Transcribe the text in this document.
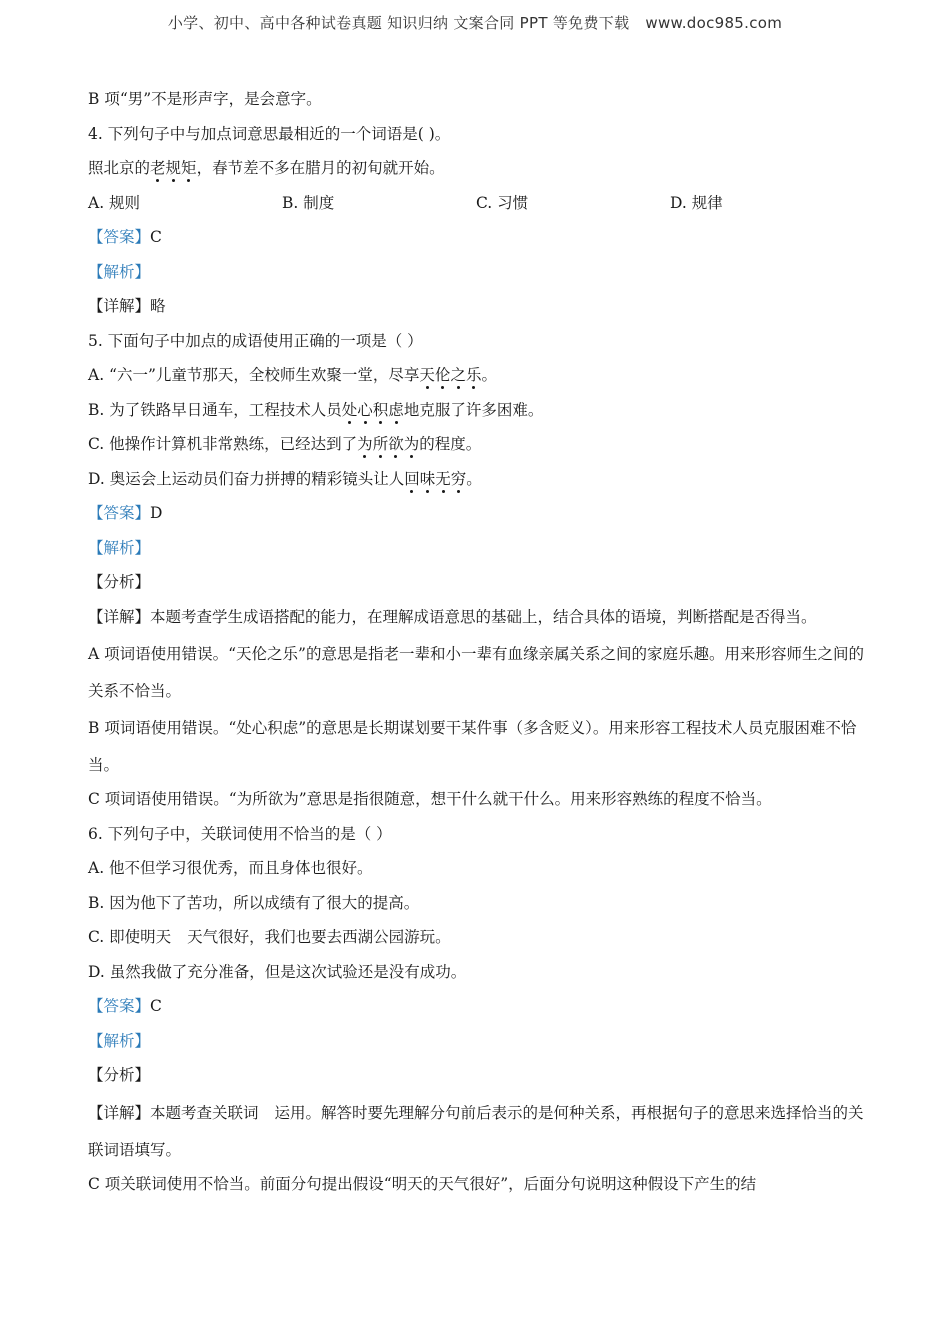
小学、初中、高中各种试卷真题 知识归纳 文案合同 PPT 等免费下载 www.doc985.com
B 项“男”不是形声字，是会意字。
4. 下列句子中与加点词意思最相近的一个词语是( )。
照北京的老规矩，春节差不多在腊月的初旬就开始。
A. 规则	B. 制度	C. 习惯	D. 规律
【答案】C
【解析】
【详解】略
5. 下面句子中加点的成语使用正确的一项是（ ）
A. “六一”儿童节那天，全校师生欢聚一堂，尽享天伦之乐。
B. 为了铁路早日通车，工程技术人员处心积虑地克服了许多困难。
C. 他操作计算机非常熟练，已经达到了为所欲为的程度。
D. 奥运会上运动员们奋力拼搏的精彩镜头让人回味无穷。
【答案】D
【解析】
【分析】
【详解】本题考查学生成语搭配的能力，在理解成语意思的基础上，结合具体的语境，判断搭配是否得当。
A 项词语使用错误。“天伦之乐”的意思是指老一辈和小一辈有血缘亲属关系之间的家庭乐趣。用来形容师生之间的关系不恰当。
B 项词语使用错误。“处心积虑”的意思是长期谋划要干某件事（多含贬义）。用来形容工程技术人员克服困难不恰当。
C 项词语使用错误。“为所欲为”意思是指很随意，想干什么就干什么。用来形容熟练的程度不恰当。
6. 下列句子中，关联词使用不恰当的是（ ）
A. 他不但学习很优秀，而且身体也很好。
B. 因为他下了苦功，所以成绩有了很大的提高。
C. 即使明天 天气很好，我们也要去西湖公园游玩。
D. 虽然我做了充分准备，但是这次试验还是没有成功。
【答案】C
【解析】
【分析】
【详解】本题考查关联词 运用。解答时要先理解分句前后表示的是何种关系，再根据句子的意思来选择恰当的关联词语填写。
C 项关联词使用不恰当。前面分句提出假设“明天的天气很好”，后面分句说明这种假设下产生的结
